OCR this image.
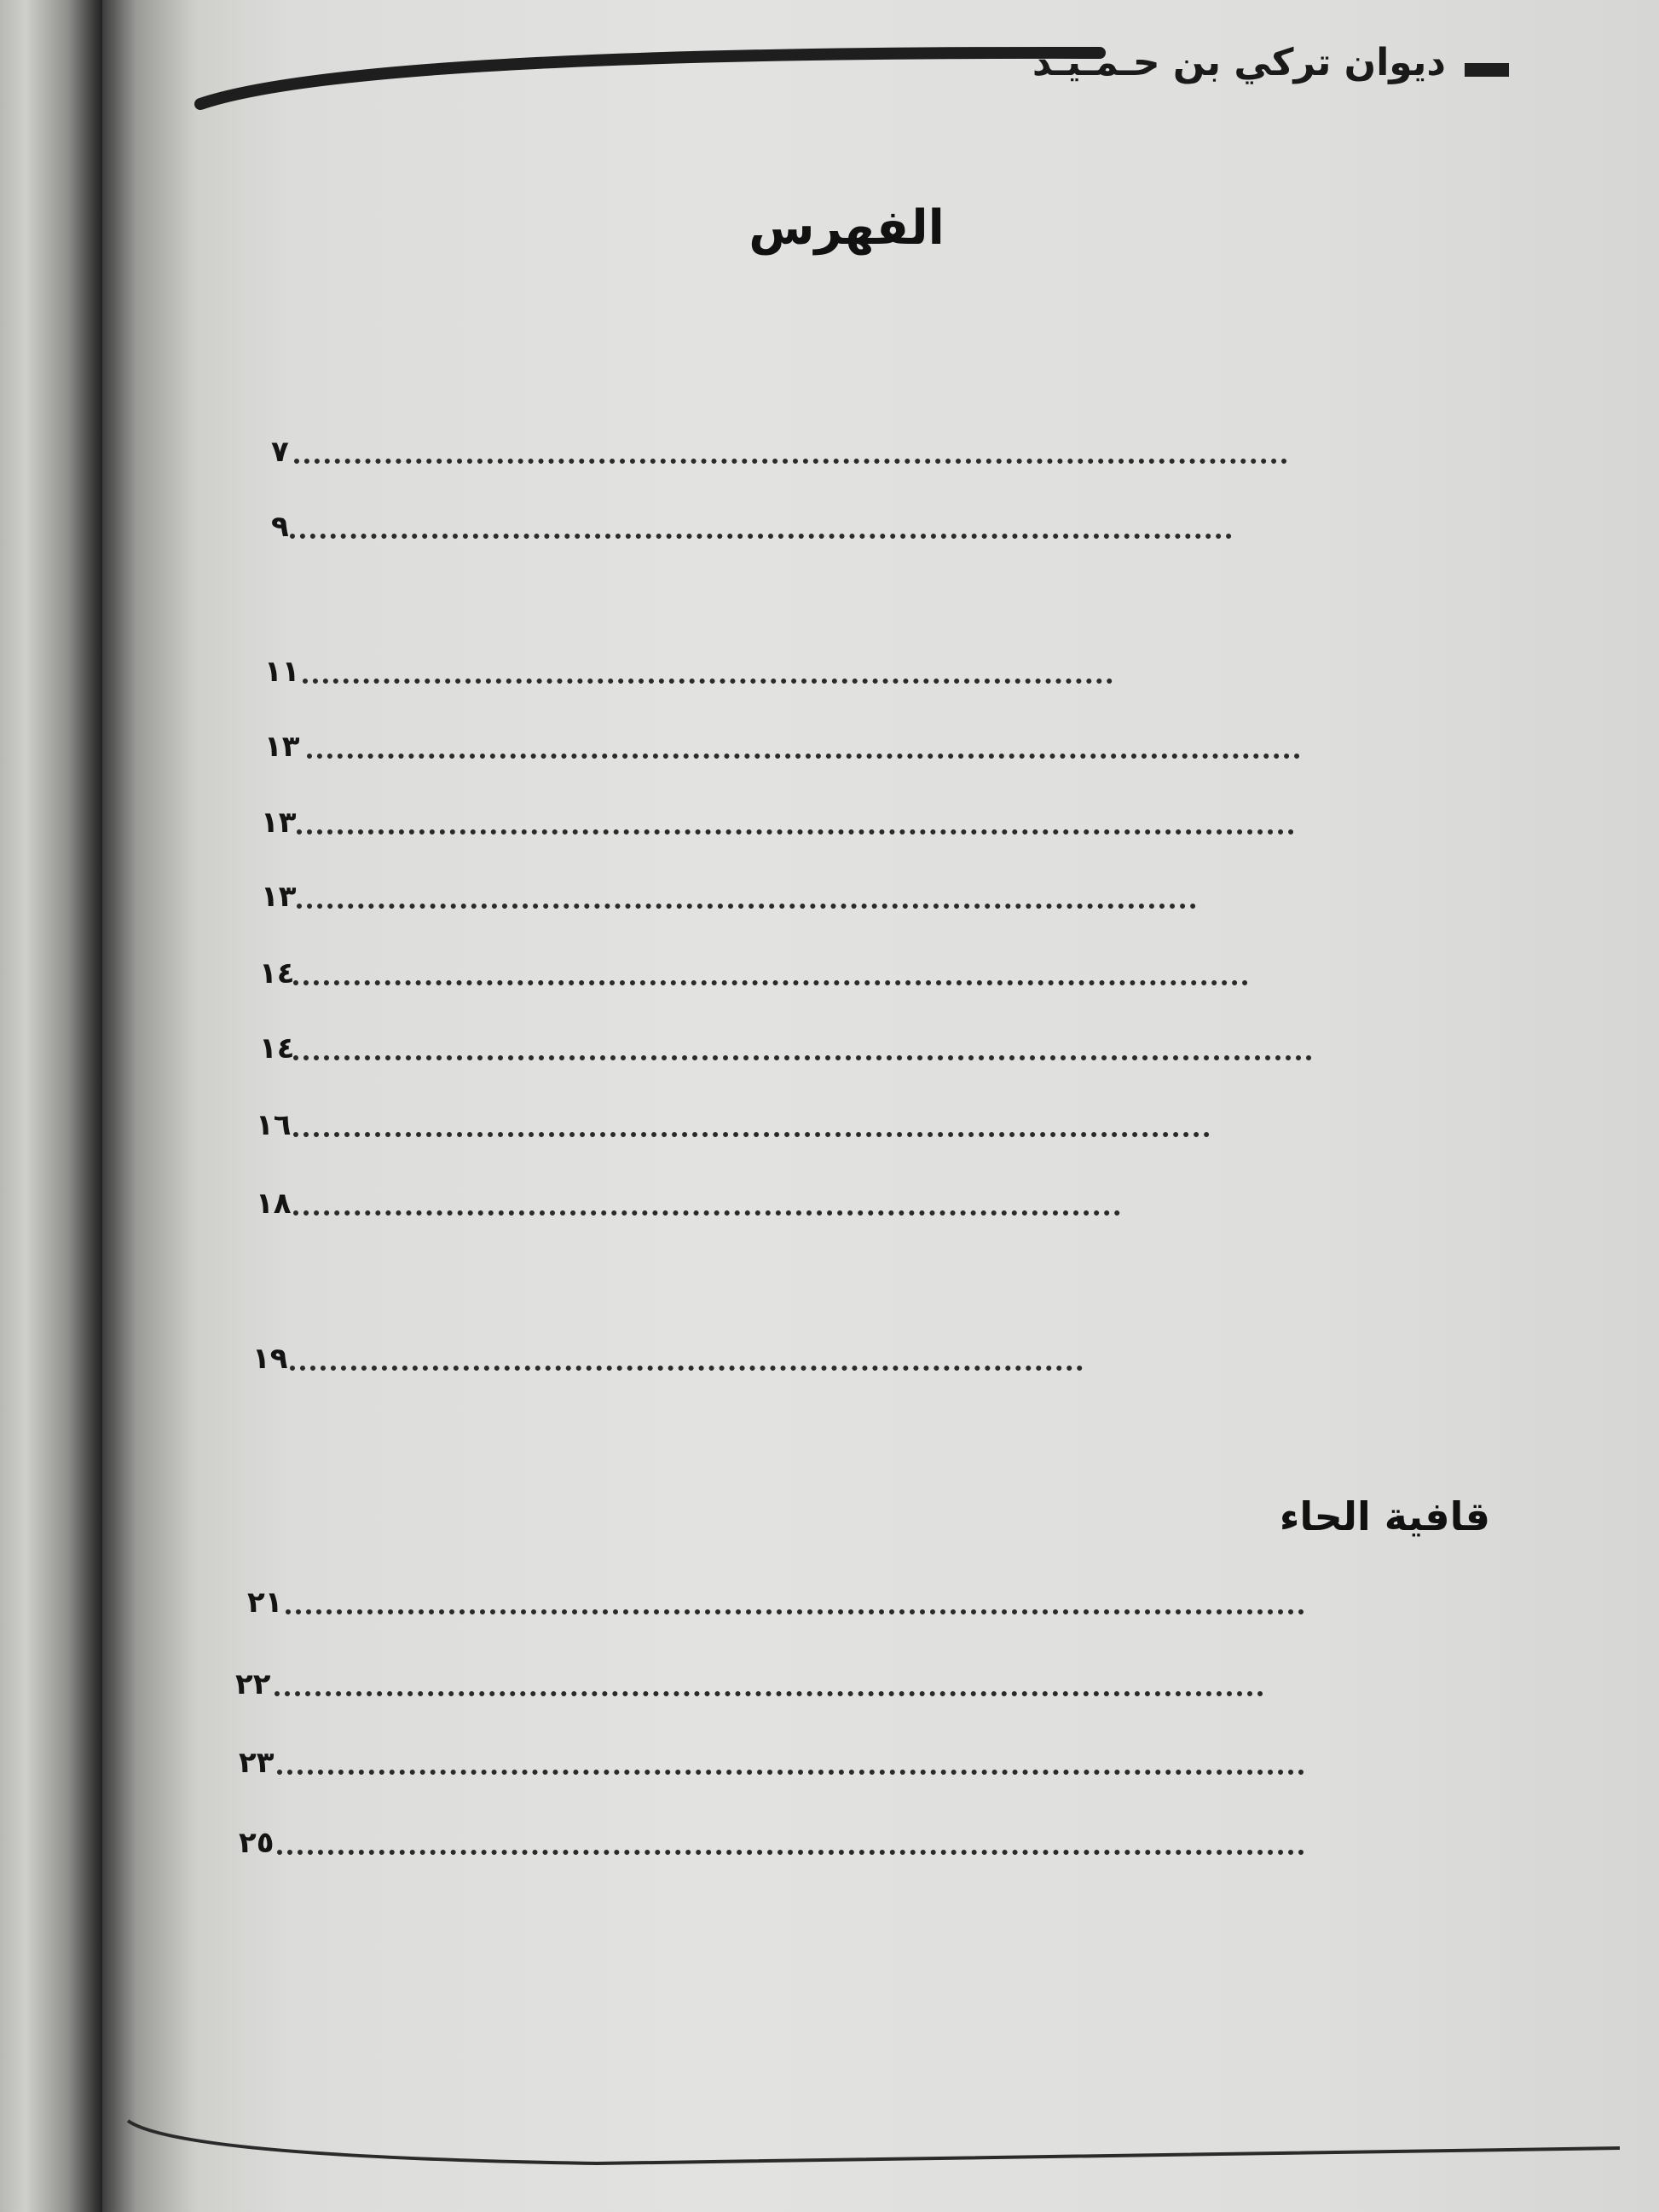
ديوان تركي بن حـمـيـد
الفهرس
٧
٩
١١
١٣
١٣
١٣
١٤
١٤
١٦
١٨
١٩
قافية الحاء
٢١
٢٢
٢٣
٢٥
